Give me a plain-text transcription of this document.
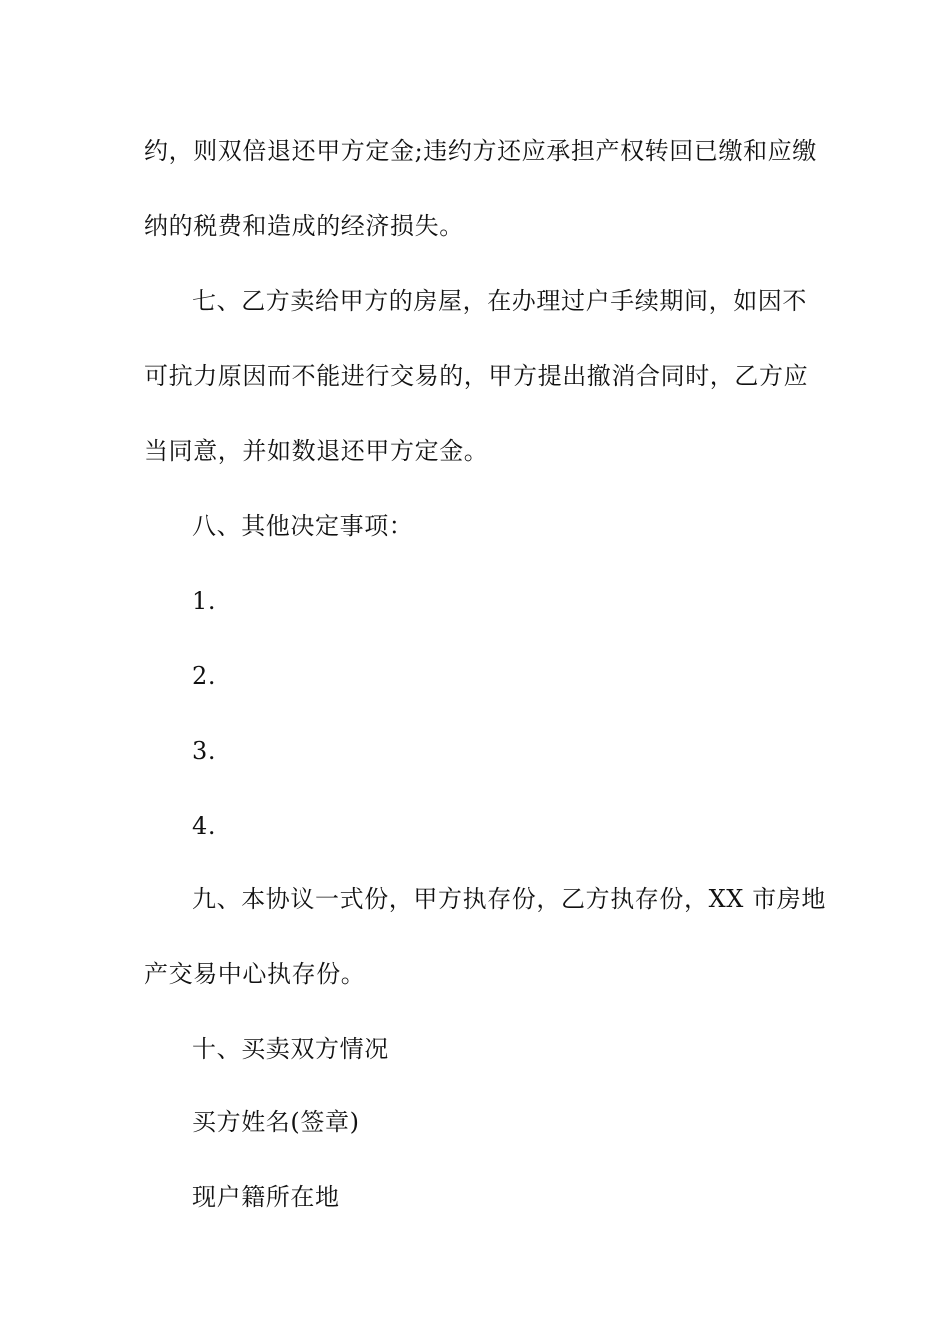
约，则双倍退还甲方定金;违约方还应承担产权转回已缴和应缴
纳的税费和造成的经济损失。
七、乙方卖给甲方的房屋，在办理过户手续期间，如因不
可抗力原因而不能进行交易的，甲方提出撤消合同时，乙方应
当同意，并如数退还甲方定金。
八、其他决定事项：
1.
2.
3.
4.
九、本协议一式份，甲方执存份，乙方执存份，XX 市房地
产交易中心执存份。
十、买卖双方情况
买方姓名(签章)
现户籍所在地
